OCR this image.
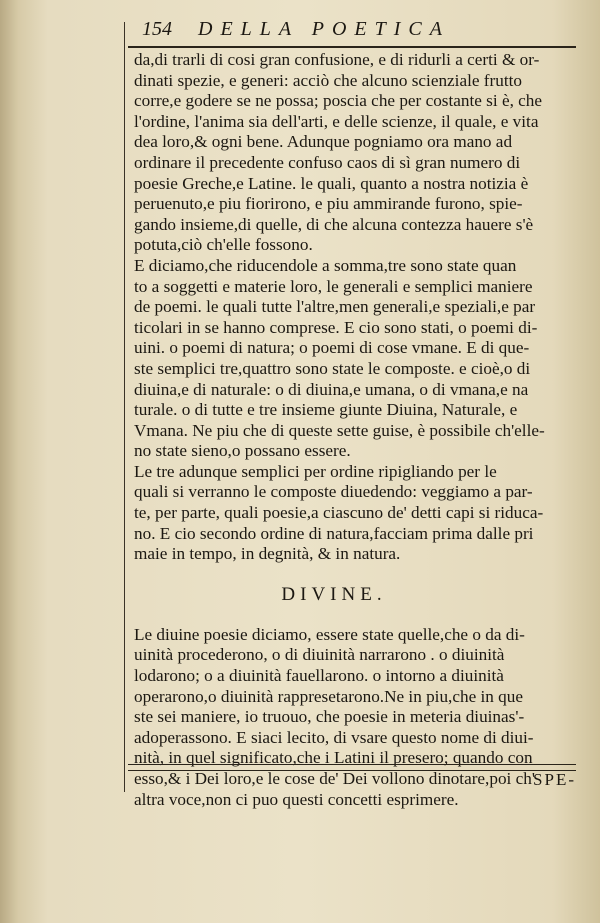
154 DELLA POETICA
da,di trarli di cosi gran confusione, e di ridurli a certi & or-
dinati spezie, e generi: acciò che alcuno scienziale frutto
corre,e godere se ne possa; poscia che per costante si è, che
l'ordine, l'anima sia dell'arti, e delle scienze, il quale, e vita
dea loro,& ogni bene. Adunque pogniamo ora mano ad
ordinare il precedente confuso caos di sì gran numero di
poesie Greche,e Latine. le quali, quanto a nostra notizia è
peruenuto,e piu fiorirono, e piu ammirande furono, spie-
gando insieme,di quelle, di che alcuna contezza hauere s'è
potuta,ciò ch'elle fossono.
E diciamo,che riducendole a somma,tre sono state quan
to a soggetti e materie loro, le generali e semplici maniere
de poemi. le quali tutte l'altre,men generali,e speziali,e par
ticolari in se hanno comprese. E cio sono stati, o poemi di-
uini. o poemi di natura; o poemi di cose vmane. E di que-
ste semplici tre,quattro sono state le composte. e cioè,o di
diuina,e di naturale: o di diuina,e umana, o di vmana,e na
turale. o di tutte e tre insieme giunte Diuina, Naturale, e
Vmana. Ne piu che di queste sette guise, è possibile ch'elle-
no state sieno,o possano essere.
Le tre adunque semplici per ordine ripigliando per le
quali si verranno le composte diuedendo: veggiamo a par-
te, per parte, quali poesie,a ciascuno de' detti capi si riduca-
no. E cio secondo ordine di natura,facciam prima dalle pri
maie in tempo, in degnità, & in natura.
DIVINE.
Le diuine poesie diciamo, essere state quelle,che o da di-
uinità procederono, o di diuinità narrarono . o diuinità
lodarono; o a diuinità fauellarono. o intorno a diuinità
operarono,o diuinità rappresetarono.Ne in piu,che in que
ste sei maniere, io truouo, che poesie in meteria diuinas'-
adoperassono. E siaci lecito, di vsare questo nome di diui-
nità, in quel significato,che i Latini il presero; quando con
esso,& i Dei loro,e le cose de' Dei vollono dinotare,poi ch'
altra voce,non ci puo questi concetti esprimere.
SPE-
